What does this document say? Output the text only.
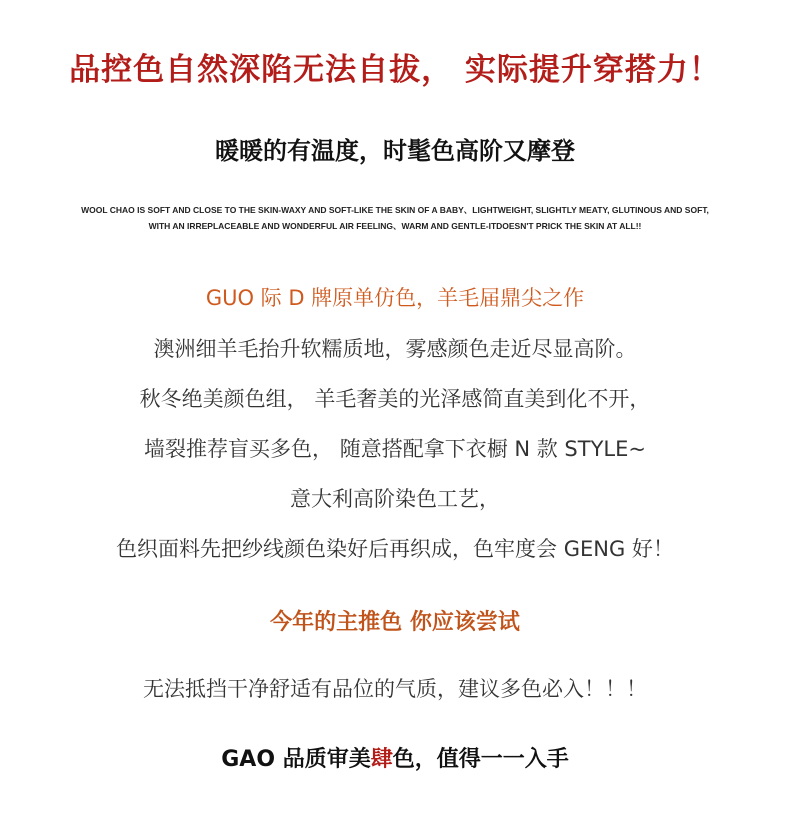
品控色自然深陷无法自拔， 实际提升穿搭力！
暖暖的有温度，时髦色高阶又摩登
WOOL CHAO IS SOFT AND CLOSE TO THE SKIN-WAXY AND SOFT-LIKE THE SKIN OF A BABY、LIGHTWEIGHT, SLIGHTLY MEATY, GLUTINOUS AND SOFT,
WITH AN IRREPLACEABLE AND WONDERFUL AIR FEELING、WARM AND GENTLE-ITDOESN'T PRICK THE SKIN AT ALL!!
GUO 际 D 牌原单仿色，羊毛届鼎尖之作
澳洲细羊毛抬升软糯质地，雾感颜色走近尽显高阶。
秋冬绝美颜色组， 羊毛奢美的光泽感简直美到化不开，
墙裂推荐盲买多色， 随意搭配拿下衣橱 N 款 STYLE~
意大利高阶染色工艺，
色织面料先把纱线颜色染好后再织成，色牢度会 GENG 好！
今年的主推色 你应该尝试
无法抵挡干净舒适有品位的气质，建议多色必入！！！
GAO 品质审美肆色，值得一一入手
